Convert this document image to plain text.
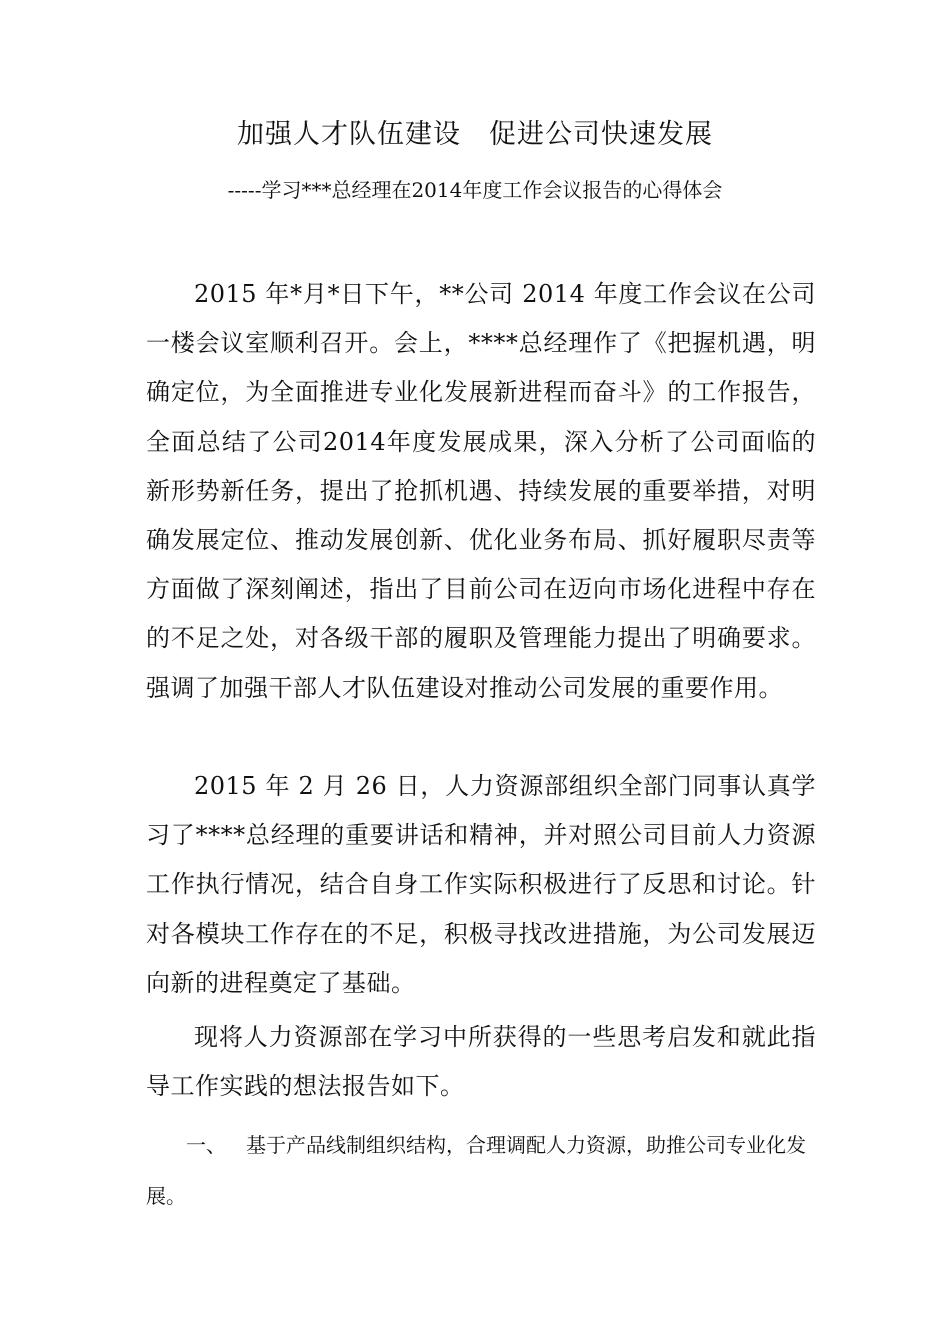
加强人才队伍建设　促进公司快速发展
-----学习***总经理在2014年度工作会议报告的心得体会

2015 年*月*日下午，**公司 2014 年度工作会议在公司一楼会议室顺利召开。会上，****总经理作了《把握机遇，明确定位，为全面推进专业化发展新进程而奋斗》的工作报告，全面总结了公司2014年度发展成果，深入分析了公司面临的新形势新任务，提出了抢抓机遇、持续发展的重要举措，对明确发展定位、推动发展创新、优化业务布局、抓好履职尽责等方面做了深刻阐述，指出了目前公司在迈向市场化进程中存在的不足之处，对各级干部的履职及管理能力提出了明确要求。强调了加强干部人才队伍建设对推动公司发展的重要作用。

2015 年 2 月 26 日，人力资源部组织全部门同事认真学习了****总经理的重要讲话和精神，并对照公司目前人力资源工作执行情况，结合自身工作实际积极进行了反思和讨论。针对各模块工作存在的不足，积极寻找改进措施，为公司发展迈向新的进程奠定了基础。

现将人力资源部在学习中所获得的一些思考启发和就此指导工作实践的想法报告如下。

一、 基于产品线制组织结构，合理调配人力资源，助推公司专业化发展。
